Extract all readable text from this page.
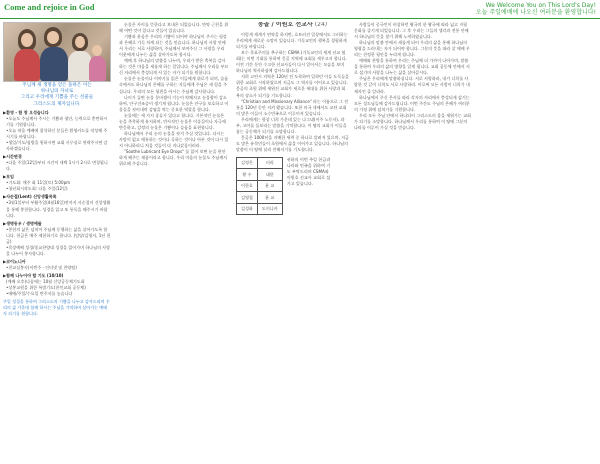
Come and rejoice in God	We Welcome You on This Lord's Day!
오늘 주일예배에 나오신 여러분을 환영합니다!
주님께 새 생명을 얻은 돌하은 이는
하나님의 자녀로
그리고 우리에게 기쁨을 주는 선물들
그리스도의 제자입니다.
▶환영 - 함 창 오성습니다
•오늘도 주님께서 주시는 기쁨과 평안, 능력으로 충만하시기를 기원합니다.
•오늘 처음 예배에 참석하신 분들은 환영카드를 작성해 주시기를 바랍니다.
•생일/기도/심방을 원하시면 교회 사무실로 연락주시면 감사하겠습니다.
▶시간변경
•다음 주일(12일)부터 시간이 새벽 1시가 2시로 변경됩니다.
▶모임
•기도회: 매주 화 11일(토) 5:00pm
•청년회시작도회: 다음 주일(12일)
▶사순절(Lent) 신앙생활목록
•3월1일부터 부활주일(4월16일)전까지 사순절이 신앙생활을 통해 봉헌합니다. 성경을 읽고 또 통독을 해주시기 바랍니다.
▶생명동우 / 생명예물
•봉헌의 삶은 넘치어 주님께 동행하는 삶을 살아가도록 합니다. 헌금은 매주 제헌하기로 합니다. (담당/김영자, 1년 헌금)
•목장예배 성경/종교찬양대 성경을 읽어가며 하나님의 사랑을 나누어 봉사합니다.
▶코이노니아
•친교실봉사(이번주 - 인터넷 및 찬양팀)
▶함께 나누어야 할 기도 (10/10)
(예배 오후)다음에는 10월 신앙공동체기도회
•상봉교원을 위한 특별기도(한인교회 공동체)
•에배/주일/수요일 반주자를 놓습니다
주일 성경을 통하여 그리스도의 기쁨을 나누고 감사드리며 우리의 삶 가운데 함께 하시는 주님을 기억하며 살아가는 예배자 되기를 원합니다.

눈물은 사이를 뜻한다고 보내온 되었습니다. 만약 근친을 위해 어떤 것이 있다고 것들이 있습니다.

기쁨과 웃음은 우리의 기쁨이 되어야 하나님이 주시는 평강과 은혜로 가득 차게 되는 것을 믿습니다. 하나님의 사랑 안에서 우리는 서로 사랑하며, 주님께서 보여주신 그 사랑을 우리 이웃에게 나누는 삶을 살아가도록 합시다.

예배 후 하나님의 말씀을 나누며, 우리가 받은 축복을 감사하는 것은 마음을 새롭게 하는 일입니다. 주님께서 우리를 부르신 자리에서 충성되게 서 있는 자가 되기를 원합니다.

눈물은 눈물이나 이야기를 읽은 이들에게 위로가 되며, 슬픔 속에서도 하나님의 은혜를 구하는 자들에게 주님은 새 힘을 주십니다. 우리의 모든 형편을 아시는 주님께 감사합니다.

나이가 들면 눈물 분비샘이 기능이 약해지고 눈물량이 감소하여, 안구건조증이 생기게 됩니다. 눈물은 안구를 보호하고 이물질을 씻어내며 감염을 막는 중요한 역할을 합니다.

눈물에는 세 가지 종류가 있다고 합니다. 기본적인 눈물은 눈을 촉촉하게 유지하며, 반사적인 눈물은 이물질이나 자극에 반응하고, 감정의 눈물은 기쁨이나 슬픔을 표현합니다.

하나님께서 우리 눈의 눈물을 씻겨 주실 것입니다. 다시는 사망이 없고 애통하는 것이나 곡하는 것이나 아픈 것이 다시 있지 아니하리니 처음 것들이 다 지나갔음이러라.

"Soothe Lubricant Eye Drops" 를 읽어 보면 눈을 편안하게 해주는 제품이라고 합니다. 우리 마음의 눈물도 주님께서 위로해 주십니다.

몽골 / 이원호 선교사 (24)

이렇게 세계가 연약을 하지만, 흐트러진 일상에서도 그러하는 우리에게 새로운 소망이 있습니다. 기독교인의 행복을 경험하게 되기를 바랍니다.

보수 목표주의를 추구하는 CSMA (기독교인의 세계 선교 협회)는 이번 기회를 통하여 몽골 지역에 교회를 세우고자 합니다. 이전 기간 동안 수고한 선교사들이 다시 일어서는 모습을 보며 하나님의 역사하심에 감사드립니다.

저희 고린시 지역은 120년 전 도착하여 일하던 이들 도둑들을 위한 교회로 시작하였으며 지금도 그 역사를 이어오고 있습니다. 몽골의 초원 위에 세워진 교회가 새로운 세대를 위한 사랑과 회복의 장소가 되기를 기도합니다.

"Christian and Missionary Alliance" 라는 이름으로 그 전통을 120년 동안 지켜 왔습니다. 또한 미국 내에서도 교단 교회의 많은 이들이 소수민족으로 이루어져 있습니다.

우리에게는 항상 너희 가운데 있는 나그네(이주 노동자), 과부, 고아를 돌보라는 말씀을 기억합니다. 이 땅의 교회가 이들을 품는 공동체가 되기를 소망합니다.

몽골은 1000년을 지배한 세력 중 하나로 알려져 있으며, 지금도 많은 유목민들이 초원에서 삶을 이어가고 있습니다. 하나님의 말씀이 이 땅에 널리 전해지기를 기도합니다.

김정은	터리
황 수	대한
이한호	윤 교
김영철	윤 교
김성화	도미니카
귀하의 이번 주일 헌금과 나라와 민족을 위하여 기도 부탁드리며 CSMA와 이원호 선교사 교회로 섬기고 있습니다.

사람들이 중국인이 비상하던 왕국의 한 왕국에 따라 넓고 지평 문화를 즐기게 되었습니다. 그 후 우리는 그들의 생각과 전통 안에서 하나님의 뜻을 찾기 위해 노력하였습니다.

하나님의 말씀 안에서 새롭게 되어 우리의 삶을 통해 하나님의 영광을 드러내는 자가 되어야 합니다. 그분의 뜻을 따라 살 때에 우리는 진정한 평안을 누리게 됩니다.

예배와 찬양을 통하여 우리는 주님께 더 가까이 나아가며, 말씀을 통하여 우리의 삶의 방향을 알게 됩니다. 교회 공동체 안에서 서로 섬기며 사랑을 나누는 삶을 살아갑시다.

주님은 우리에게 말씀하십니다. 서로 사랑하라, 내가 너희를 사랑한 것 같이 너희도 서로 사랑하라. 이로써 모든 사람이 너희가 내 제자인 줄 알리라.

하나님께서 주신 은사를 따라 각자의 자리에서 충성되게 섬기는 모든 성도님들께 감사드립니다. 이번 주간도 주님의 은혜가 여러분의 가정 위에 넘치기를 기원합니다.

우리 모두 주님 안에서 하나되어 그리스도의 몸을 세워가는 교회가 되기를 소망합니다. 하나님께서 우리를 통하여 이 땅에 그분의 나라를 이루어 가실 것을 믿습니다.
